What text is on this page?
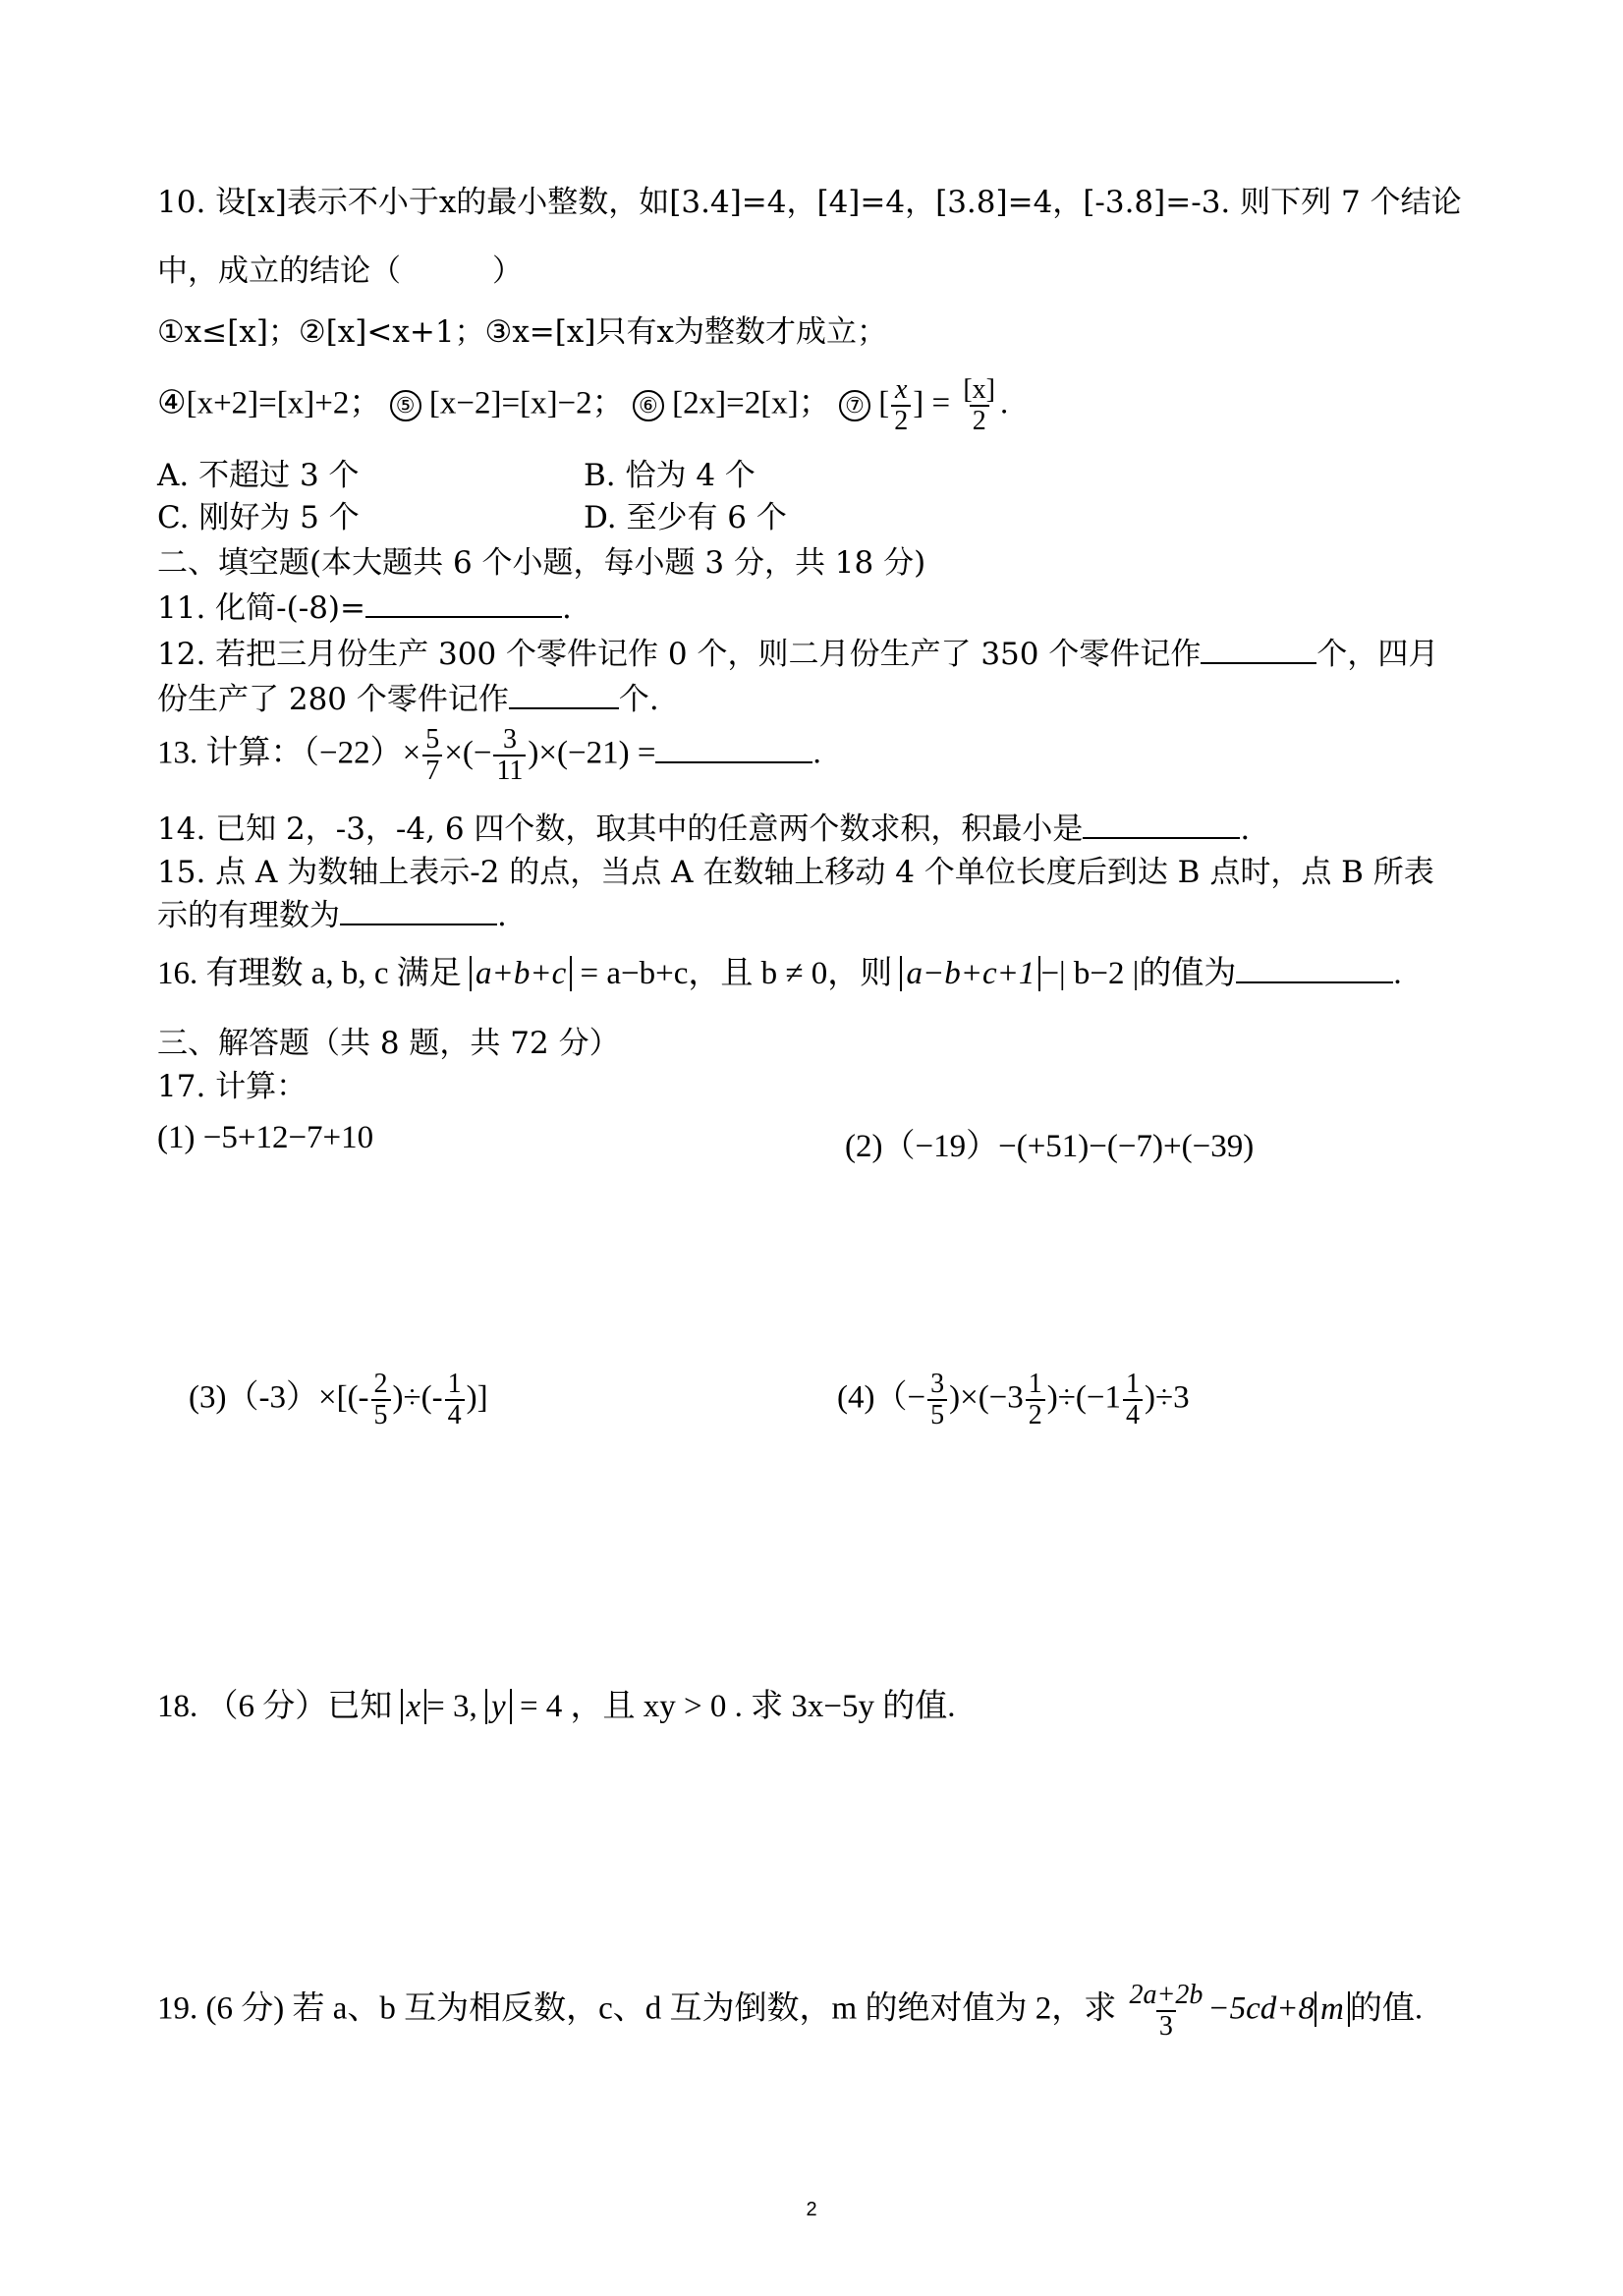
10. 设[x]表示不小于x的最小整数，如[3.4]=4，[4]=4，[3.8]=4，[-3.8]=-3. 则下列 7 个结论
中，成立的结论（　　　）
①x≤[x]；②[x]<x+1；③x=[x]只有x为整数才成立；
④[x+2]=[x]+2； ⑤ [x−2]=[x]−2； ⑥ [2x]=2[x]； ⑦ [ $\frac{x}{2}$ ] = $\frac{[x]}{2}$ .
A. 不超过 3 个	B. 恰为 4 个
C. 刚好为 5 个	D. 至少有 6 个
二、填空题(本大题共 6 个小题，每小题 3 分，共 18 分)
11. 化简-(-8)=	.
12. 若把三月份生产 300 个零件记作 0 个，则二月份生产了 350 个零件记作	个，四月
份生产了 280 个零件记作	个.
13. 计算：$(-22)\times \frac{5}{7}$ ×(− $\frac{3}{11} )\times(-21)$ =	.
14. 已知 2，-3，-4, 6 四个数，取其中的任意两个数求积，积最小是	.
15. 点 A 为数轴上表示-2 的点，当点 A 在数轴上移动 4 个单位长度后到达 B 点时，点 B 所表
示的有理数为	.
16. 有理数 a, b, c 满足 a+b+c = a−b+c，且 b ≠ 0，则 a−b+c+1 −| b−2 |的值为	.
三、解答题（共 8 题，共 72 分）
17. 计算：
(1) −5+12−7+10	(2)（−19）−(+51)−(−7)+(−39)
$(3)(-3)\times[(- \frac{2}{5}$ )÷(- $\frac{1}{4}$ )]	$(4)(- \frac{3}{5} )\times(-3 \frac{1}{2} )\div(-1 \frac{1}{4} )\div 3$
18. （6 分）已知 x = 3, y = 4 ，且 xy > 0 . 求 3x−5y 的值.
19. (6 分) 若 a、b 互为相反数，c、d 互为倒数，m 的绝对值为 2，求 $\frac{2a+2b}{3} -5cd+8$ m 的值.
2
